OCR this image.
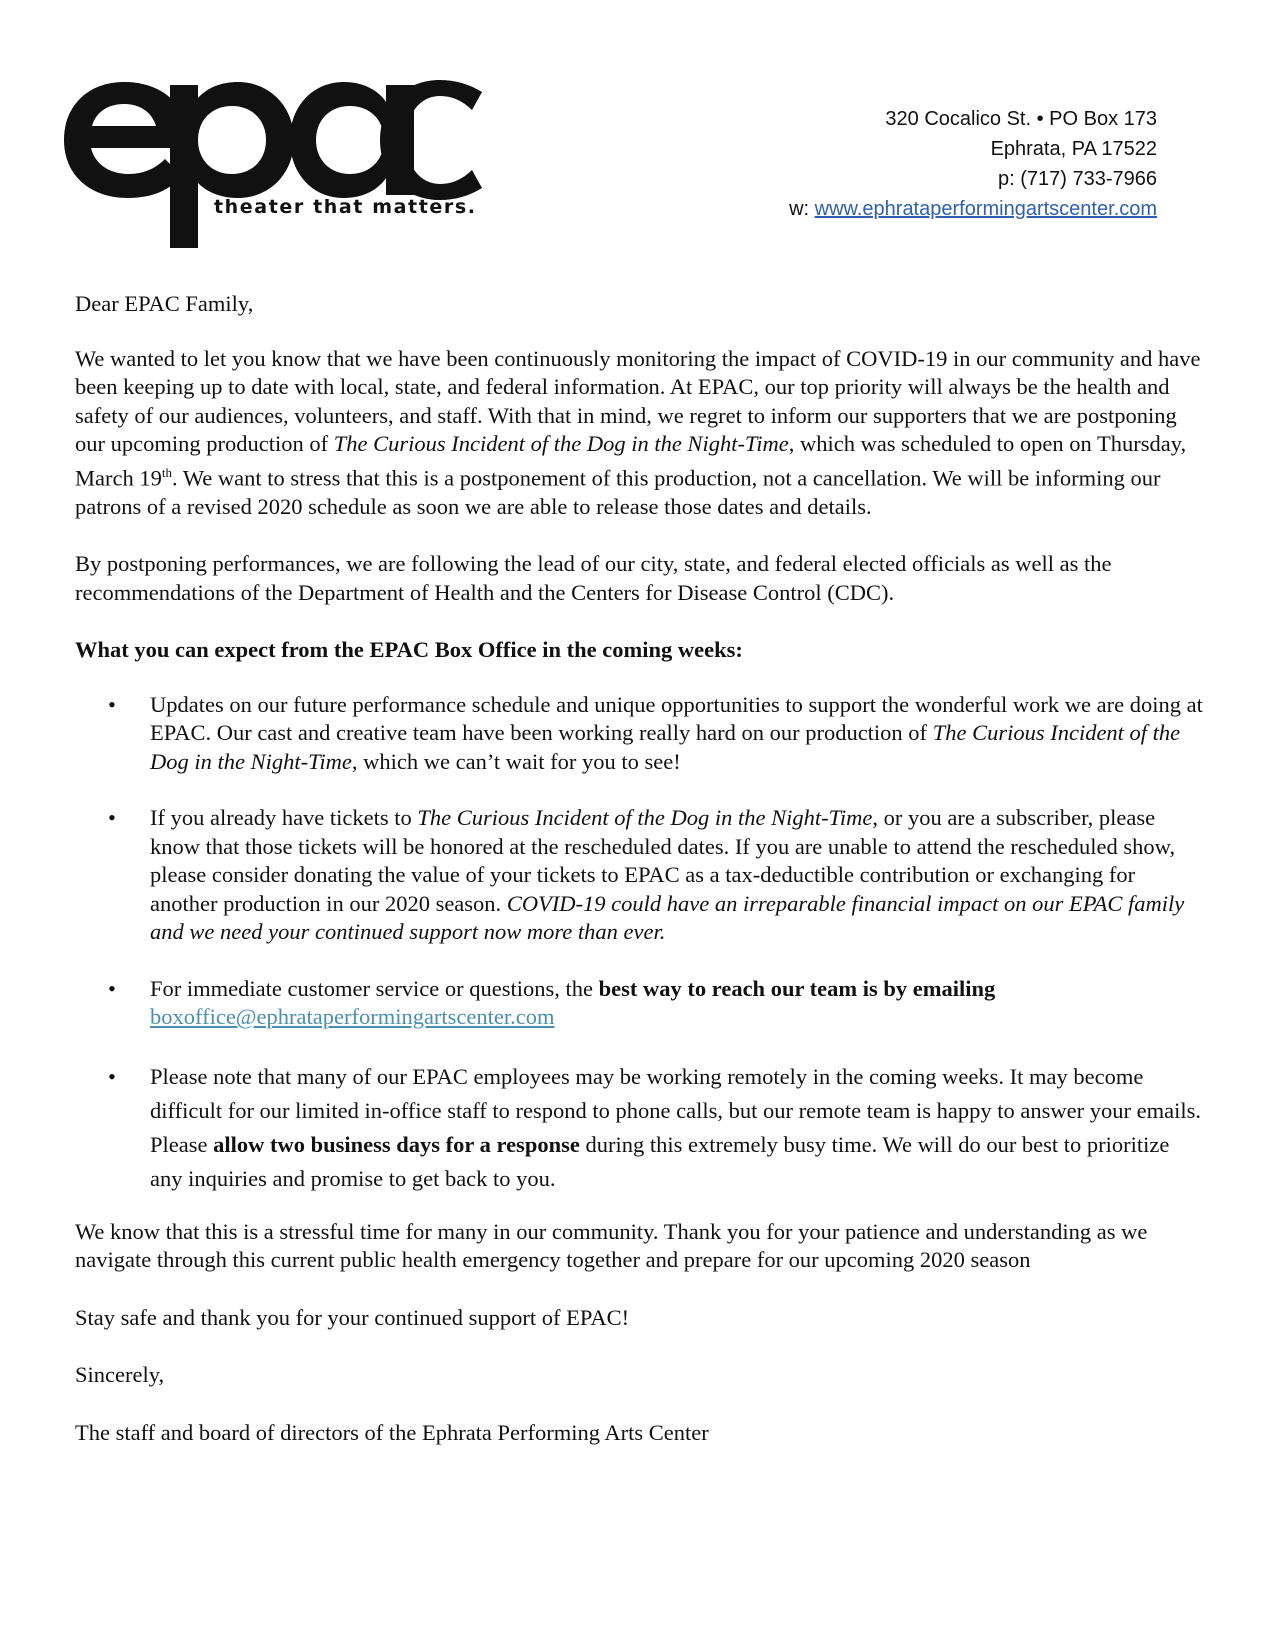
theater that matters.
320 Cocalico St. • PO Box 173
Ephrata, PA 17522
p: (717) 733-7966
w: www.ephrataperformingartscenter.com

Dear EPAC Family,

We wanted to let you know that we have been continuously monitoring the impact of COVID-19 in our community and have been keeping up to date with local, state, and federal information. At EPAC, our top priority will always be the health and safety of our audiences, volunteers, and staff. With that in mind, we regret to inform our supporters that we are postponing our upcoming production of The Curious Incident of the Dog in the Night-Time, which was scheduled to open on Thursday, March 19th. We want to stress that this is a postponement of this production, not a cancellation. We will be informing our patrons of a revised 2020 schedule as soon we are able to release those dates and details.

By postponing performances, we are following the lead of our city, state, and federal elected officials as well as the recommendations of the Department of Health and the Centers for Disease Control (CDC).

What you can expect from the EPAC Box Office in the coming weeks:

• Updates on our future performance schedule and unique opportunities to support the wonderful work we are doing at EPAC. Our cast and creative team have been working really hard on our production of The Curious Incident of the Dog in the Night-Time, which we can’t wait for you to see!
• If you already have tickets to The Curious Incident of the Dog in the Night-Time, or you are a subscriber, please know that those tickets will be honored at the rescheduled dates. If you are unable to attend the rescheduled show, please consider donating the value of your tickets to EPAC as a tax-deductible contribution or exchanging for another production in our 2020 season. COVID-19 could have an irreparable financial impact on our EPAC family and we need your continued support now more than ever.
• For immediate customer service or questions, the best way to reach our team is by emailing
boxoffice@ephrataperformingartscenter.com
• Please note that many of our EPAC employees may be working remotely in the coming weeks. It may become difficult for our limited in-office staff to respond to phone calls, but our remote team is happy to answer your emails. Please allow two business days for a response during this extremely busy time. We will do our best to prioritize any inquiries and promise to get back to you.

We know that this is a stressful time for many in our community. Thank you for your patience and understanding as we navigate through this current public health emergency together and prepare for our upcoming 2020 season

Stay safe and thank you for your continued support of EPAC!

Sincerely,

The staff and board of directors of the Ephrata Performing Arts Center
